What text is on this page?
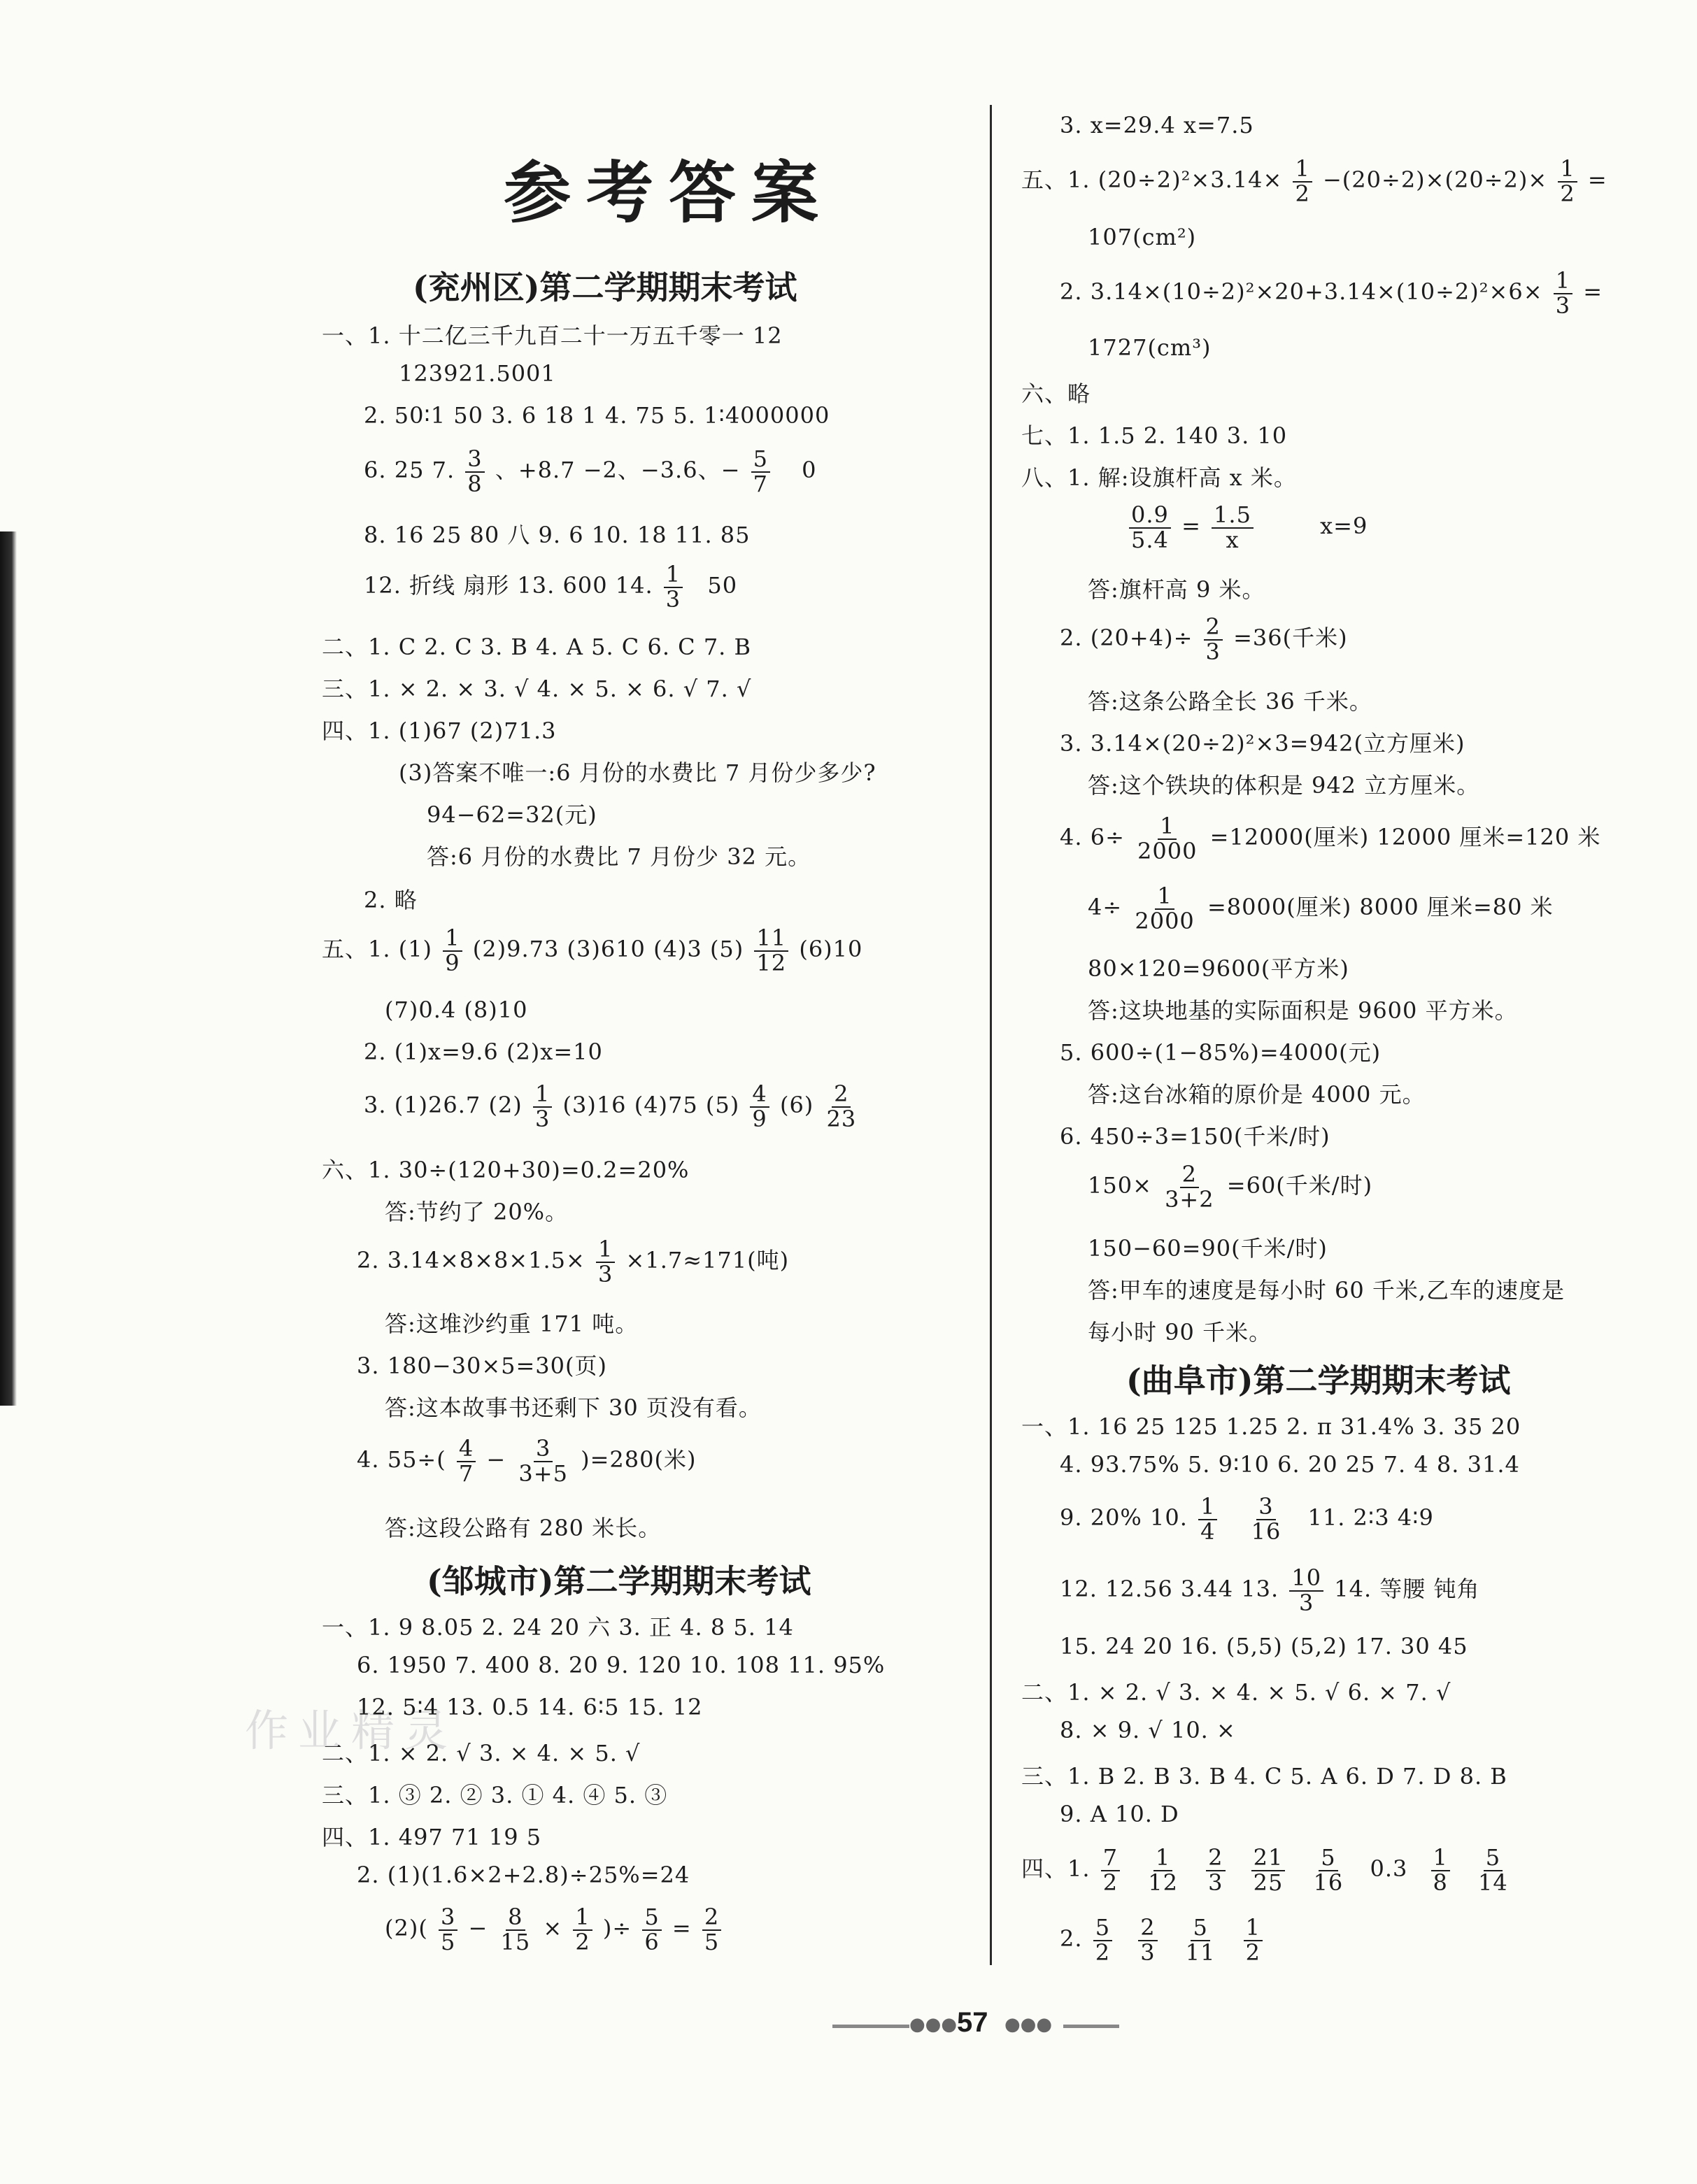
参考答案
作业精灵
(兖州区)第二学期期末考试
一、1. 十二亿三千九百二十一万五千零一 12
123921.5001
2. 50∶1 50 3. 6 18 1 4. 75 5. 1∶4000000
6. 25 7. $\frac{3}{8}$ 、+8.7 −2、−3.6、− $\frac{5}{7} 0$
8. 16 25 80 八 9. 6 10. 18 11. 85
12. 折线 扇形 13. 600 14. $\frac{1}{3} 50$
二、1. C 2. C 3. B 4. A 5. C 6. C 7. B
三、1. × 2. × 3. √ 4. × 5. × 6. √ 7. √
四、1. (1)67 (2)71.3
(3)答案不唯一:6 月份的水费比 7 月份少多少?
94−62=32(元)
答:6 月份的水费比 7 月份少 32 元。
2. 略
五、1. $(1) \frac{1}{9} (2)9.73$ (3)610 (4)3 $(5) \frac{11}{12} (6)10$
(7)0.4 (8)10
2. (1)x=9.6 (2)x=10
3. (1)26.7 $(2) \frac{1}{3} (3)16$ (4)75 $(5) \frac{4}{9} (6) \frac{2}{23}$
六、1. 30÷(120+30)=0.2=20%
答:节约了 20%。
2. $3.14\times 8\times 8\times 1.5\times \frac{1}{3} \times 1.7\approx 171$(吨)
答:这堆沙约重 171 吨。
3. 180−30×5=30(页)
答:这本故事书还剩下 30 页没有看。
4. $55\div( \frac{4}{7} - \frac{3}{3+5} )=280$(米)
答:这段公路有 280 米长。
(邹城市)第二学期期末考试
一、1. 9 8.05 2. 24 20 六 3. 正 4. 8 5. 14
6. 1950 7. 400 8. 20 9. 120 10. 108 11. 95%
12. 5∶4 13. 0.5 14. 6∶5 15. 12
二、1. × 2. √ 3. × 4. × 5. √
三、1. ③ 2. ② 3. ① 4. ④ 5. ③
四、1. 497 71 19 5
2. (1)(1.6×2+2.8)÷25%=24
$(2)( \frac{3}{5} - \frac{8}{15} \times \frac{1}{2}$ )÷ $\frac{5}{6} = \frac{2}{5}$
3. x=29.4 x=7.5
五、1. $(20\div 2)^2\times 3.14\times \frac{1}{2} -(20\div 2)\times(20\div 2)\times \frac{1}{2}$ =
107(cm²)
2. $3.14\times(10\div 2)^2\times 20+3.14\times(10\div 2)^2\times 6\times \frac{1}{3}$ =
1727(cm³)
六、略
七、1. 1.5 2. 140 3. 10
八、1. 解:设旗杆高 x 米。
$\frac{0.9}{5.4} = \frac{1.5}{x}$	x=9
答:旗杆高 9 米。
2. $(20+4)\div \frac{2}{3} =36$(千米)
答:这条公路全长 36 千米。
3. 3.14×(20÷2)²×3=942(立方厘米)
答:这个铁块的体积是 942 立方厘米。
4. $6\div \frac{1}{2000} =12000$(厘米) 12000 厘米=120 米
$4\div \frac{1}{2000} =8000$(厘米) 8000 厘米=80 米
80×120=9600(平方米)
答:这块地基的实际面积是 9600 平方米。
5. 600÷(1−85%)=4000(元)
答:这台冰箱的原价是 4000 元。
6. 450÷3=150(千米/时)
$150\times \frac{2}{3+2} =60$(千米/时)
150−60=90(千米/时)
答:甲车的速度是每小时 60 千米,乙车的速度是
每小时 90 千米。
(曲阜市)第二学期期末考试
一、1. 16 25 125 1.25 2. π 31.4% 3. 35 20
4. 93.75% 5. 9∶10 6. 20 25 7. 4 8. 31.4
9. 20% 10. $\frac{1}{4}$
$\frac{3}{16} 11$. 2∶3 4∶9
12. 12.56 3.44 13. $\frac{10}{3} 14$. 等腰 钝角
15. 24 20 16. (5,5) (5,2) 17. 30 45
二、1. × 2. √ 3. × 4. × 5. √ 6. × 7. √
8. × 9. √ 10. ×
三、1. B 2. B 3. B 4. C 5. A 6. D 7. D 8. B
9. A 10. D
四、1. $\frac{7}{2}$
$\frac{1}{12}$
$\frac{2}{3}$
$\frac{21}{25}$
$\frac{5}{16} 0.3 \frac{1}{8}$
$\frac{5}{14}$
2. $\frac{5}{2}$
$\frac{2}{3}$
$\frac{5}{11}$
$\frac{1}{2}$
●●● 57 ●●●
